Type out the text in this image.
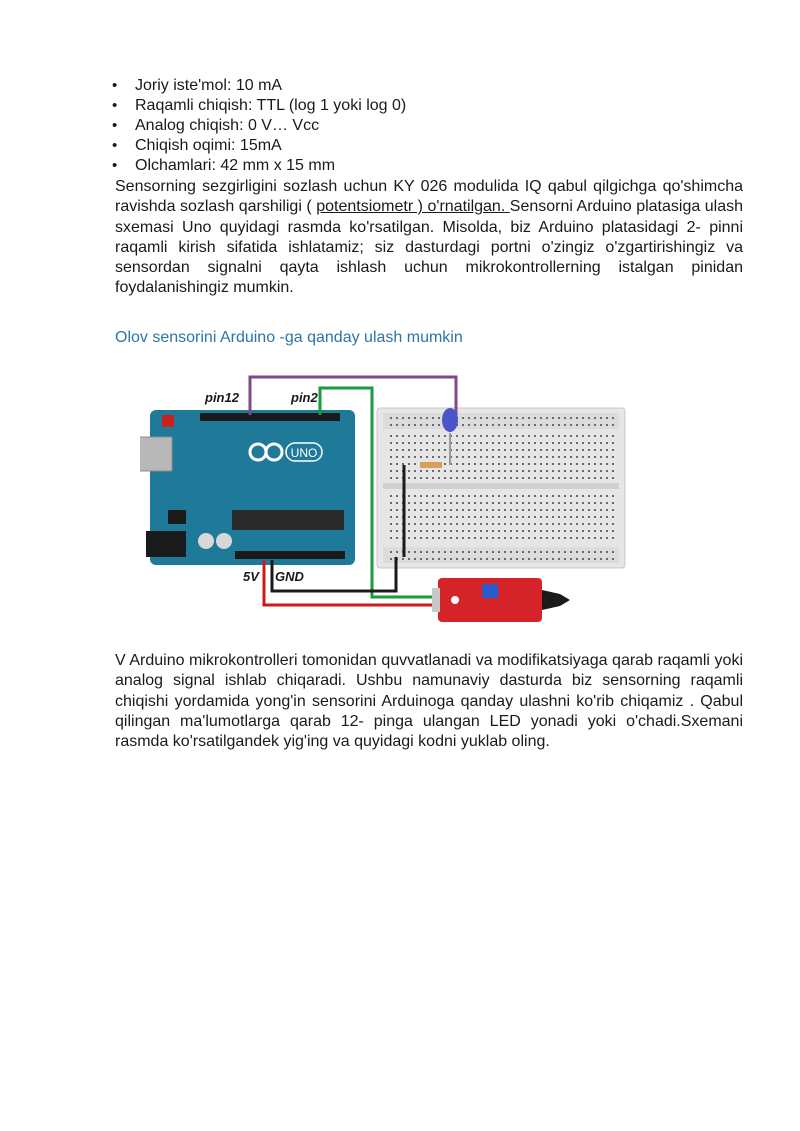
• Joriy iste'mol: 10 mA
• Raqamli chiqish: TTL (log 1 yoki log 0)
• Analog chiqish: 0 V… Vcc
• Chiqish oqimi: 15mA
• Olchamlari: 42 mm x 15 mm

Sensorning sezgirligini sozlash uchun KY 026 modulida IQ qabul qilgichga qo'shimcha ravishda sozlash qarshiligi ( potentsiometr ) o'rnatilgan. Sensorni Arduino platasiga ulash sxemasi Uno quyidagi rasmda ko'rsatilgan. Misolda, biz Arduino platasidagi 2- pinni raqamli kirish sifatida ishlatamiz; siz dasturdagi portni o'zingiz o'zgartirishingiz va sensordan signalni qayta ishlash uchun mikrokontrollerning istalgan pinidan foydalanishingiz mumkin.

Olov sensorini Arduino -ga qanday ulash mumkin
UNO
pin12	pin2
5V GND

V Arduino mikrokontrolleri tomonidan quvvatlanadi va modifikatsiyaga qarab raqamli yoki analog signal ishlab chiqaradi. Ushbu namunaviy dasturda biz sensorning raqamli chiqishi yordamida yong'in sensorini Arduinoga qanday ulashni ko'rib chiqamiz . Qabul qilingan ma'lumotlarga qarab 12- pinga ulangan LED yonadi yoki o'chadi.Sxemani rasmda ko'rsatilgandek yig'ing va quyidagi kodni yuklab oling.
